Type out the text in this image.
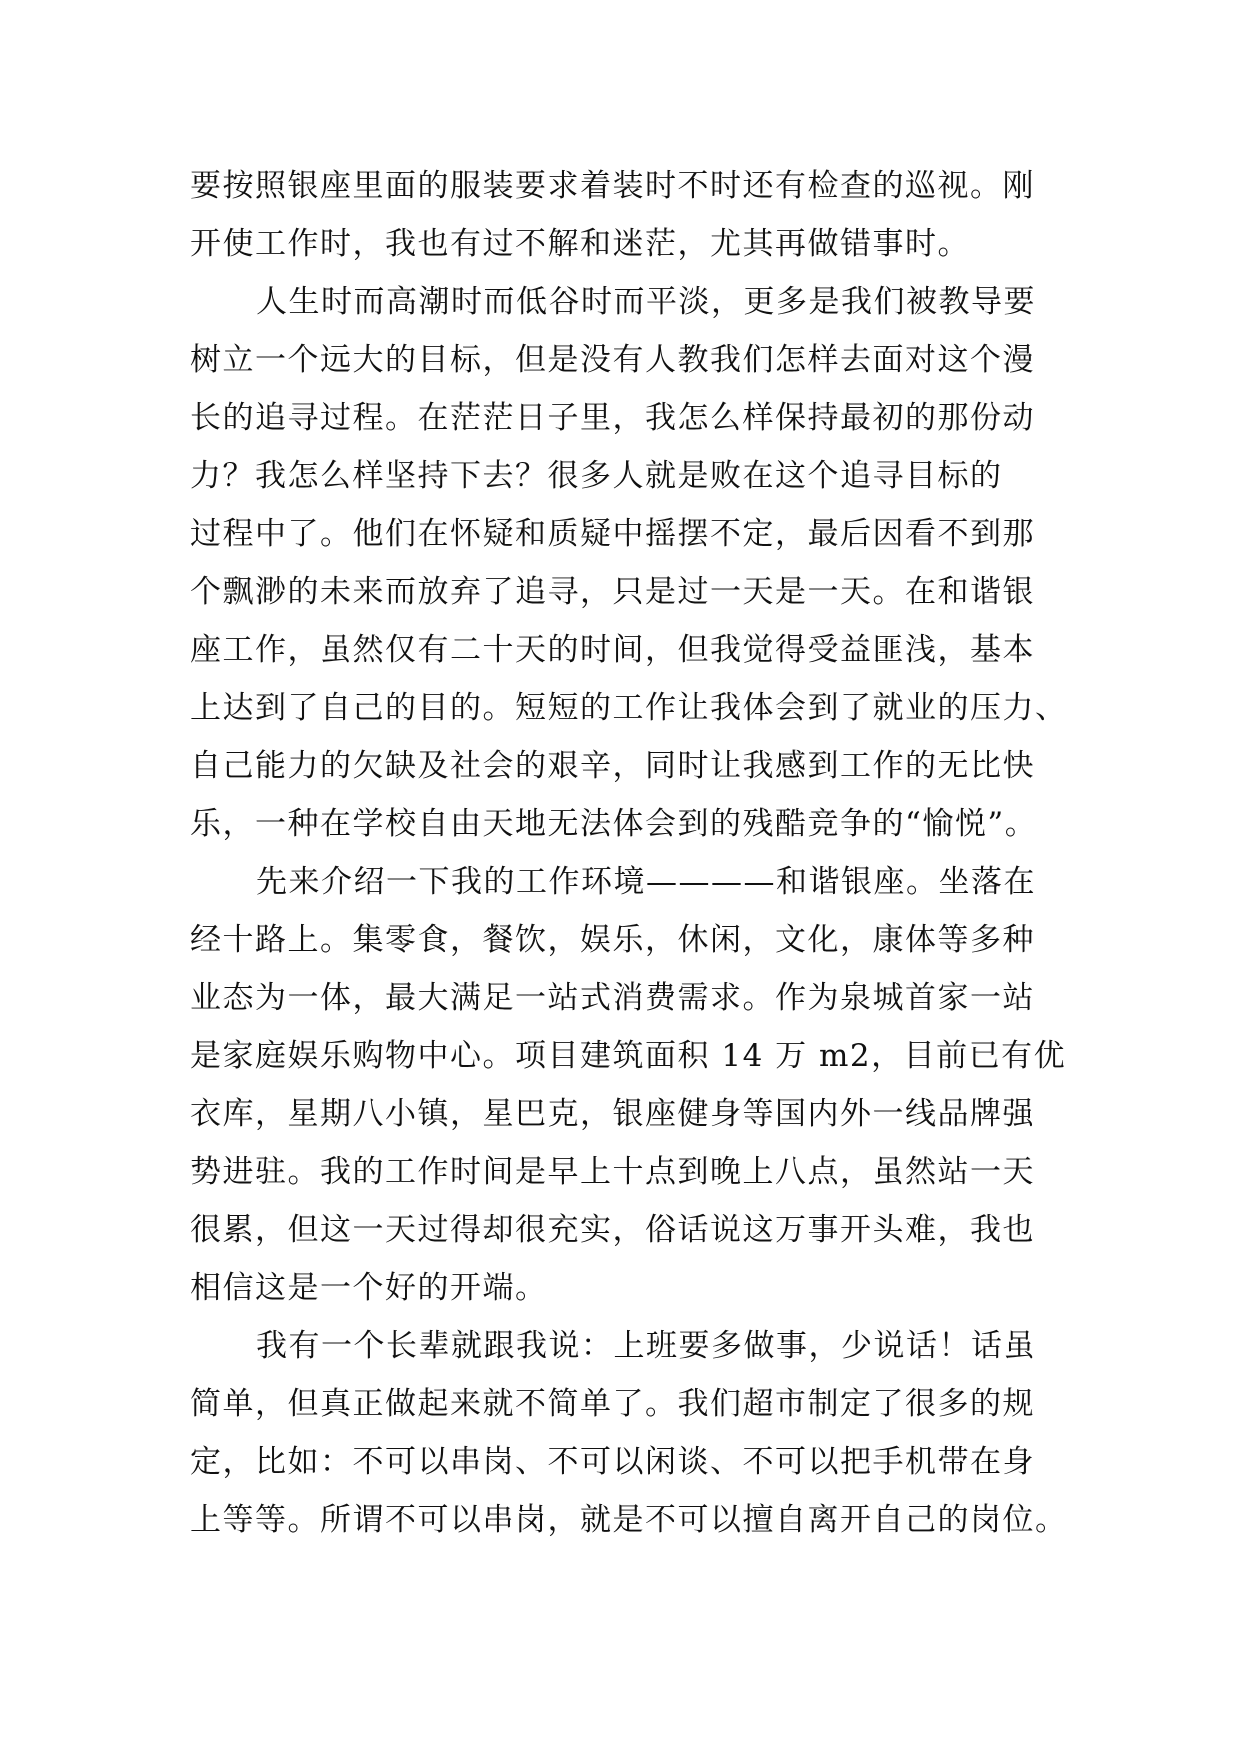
要按照银座里面的服装要求着装时不时还有检查的巡视。刚
开使工作时，我也有过不解和迷茫，尤其再做错事时。

人生时而高潮时而低谷时而平淡，更多是我们被教导要
树立一个远大的目标，但是没有人教我们怎样去面对这个漫
长的追寻过程。在茫茫日子里，我怎么样保持最初的那份动
力？我怎么样坚持下去？很多人就是败在这个追寻目标的
过程中了。他们在怀疑和质疑中摇摆不定，最后因看不到那
个飘渺的未来而放弃了追寻，只是过一天是一天。在和谐银
座工作，虽然仅有二十天的时间，但我觉得受益匪浅，基本
上达到了自己的目的。短短的工作让我体会到了就业的压力、
自己能力的欠缺及社会的艰辛，同时让我感到工作的无比快
乐，一种在学校自由天地无法体会到的残酷竞争的“愉悦”。

先来介绍一下我的工作环境————和谐银座。坐落在
经十路上。集零食，餐饮，娱乐，休闲，文化，康体等多种
业态为一体，最大满足一站式消费需求。作为泉城首家一站
是家庭娱乐购物中心。项目建筑面积 14 万 m2，目前已有优
衣库，星期八小镇，星巴克，银座健身等国内外一线品牌强
势进驻。我的工作时间是早上十点到晚上八点，虽然站一天
很累，但这一天过得却很充实，俗话说这万事开头难，我也
相信这是一个好的开端。

我有一个长辈就跟我说：上班要多做事，少说话！话虽
简单，但真正做起来就不简单了。我们超市制定了很多的规
定，比如：不可以串岗、不可以闲谈、不可以把手机带在身
上等等。所谓不可以串岗，就是不可以擅自离开自己的岗位。
